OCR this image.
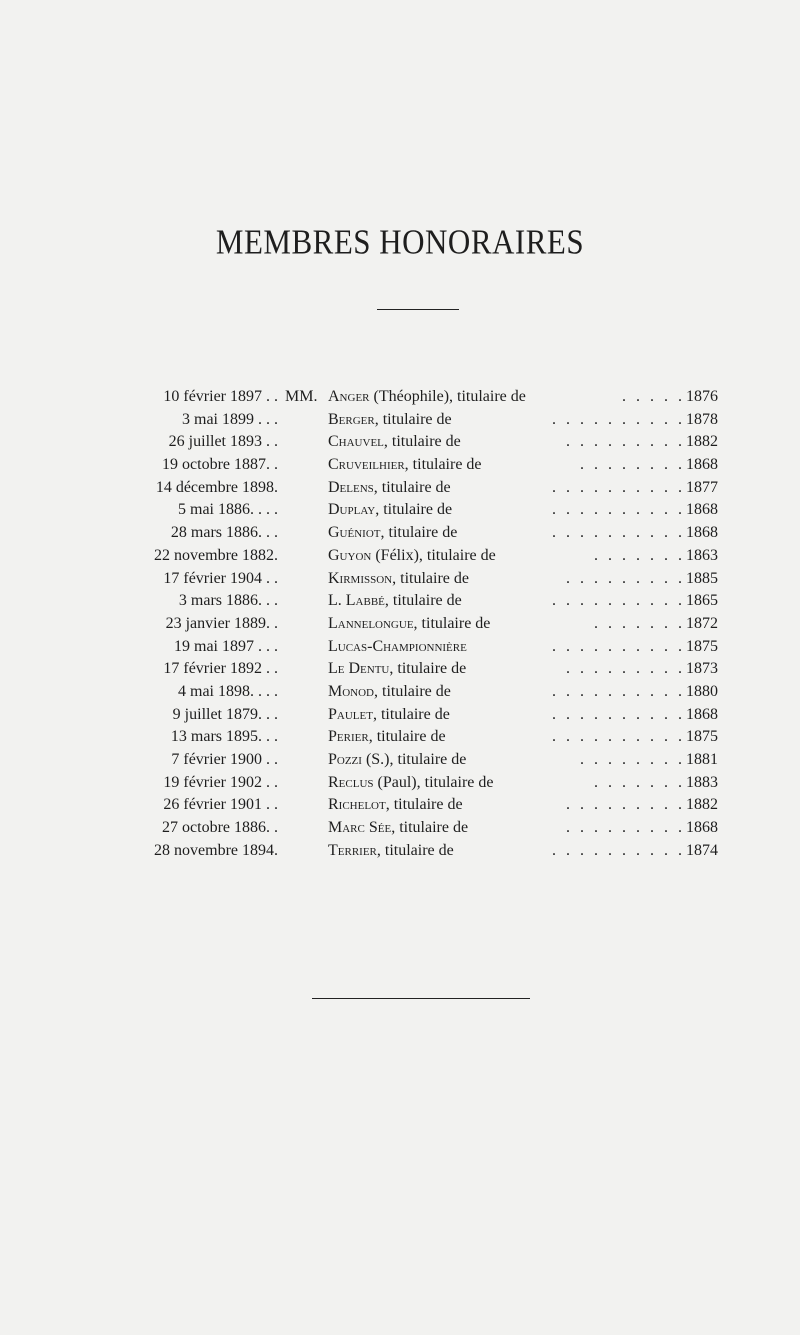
MEMBRES HONORAIRES
10 février 1897 . . MM. Anger (Théophile), titulaire de	. . . . . 1876
3 mai 1899 . . .	Berger, titulaire de	. . . . . . . . . . 1878
26 juillet 1893 . .	Chauvel, titulaire de	. . . . . . . . . 1882
19 octobre 1887. .	Cruveilhier, titulaire de	. . . . . . . . 1868
14 décembre 1898.	Delens, titulaire de	. . . . . . . . . . 1877
5 mai 1886. . . .	Duplay, titulaire de	. . . . . . . . . . 1868
28 mars 1886. . .	Guéniot, titulaire de	. . . . . . . . . . 1868
22 novembre 1882.	Guyon (Félix), titulaire de	. . . . . . . 1863
17 février 1904 . .	Kirmisson, titulaire de	. . . . . . . . . 1885
3 mars 1886. . .	L. Labbé, titulaire de	. . . . . . . . . . 1865
23 janvier 1889. .	Lannelongue, titulaire de	. . . . . . . 1872
19 mai 1897 . . .	Lucas-Championnière	. . . . . . . . . . 1875
17 février 1892 . .	Le Dentu, titulaire de	. . . . . . . . . 1873
4 mai 1898. . . .	Monod, titulaire de	. . . . . . . . . . 1880
9 juillet 1879. . .	Paulet, titulaire de	. . . . . . . . . . 1868
13 mars 1895. . .	Perier, titulaire de	. . . . . . . . . . 1875
7 février 1900 . .	Pozzi (S.), titulaire de	. . . . . . . . 1881
19 février 1902 . .	Reclus (Paul), titulaire de	. . . . . . . 1883
26 février 1901 . .	Richelot, titulaire de	. . . . . . . . . 1882
27 octobre 1886. .	Marc Sée, titulaire de	. . . . . . . . . 1868
28 novembre 1894.	Terrier, titulaire de	. . . . . . . . . . 1874
